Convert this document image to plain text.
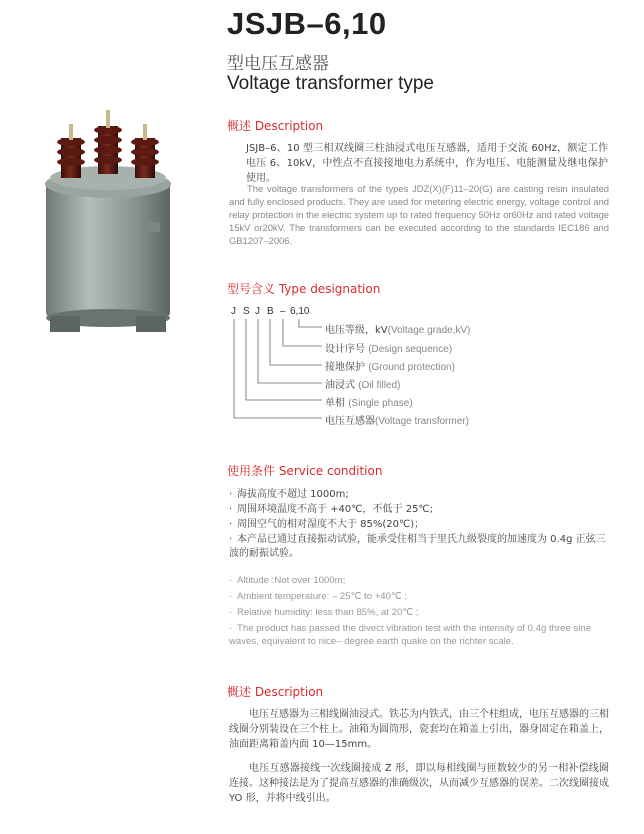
JSJB–6,10
型电压互感器
Voltage transformer type
概述 Description
JSJB–6、10 型三相双线圈三柱油浸式电压互感器，适用于交流 60Hz，额定工作电压 6、10kV，中性点不直接接地电力系统中，作为电压、电能测量及继电保护使用。
The voltage transformers of the types JDZ(X)(F)11–20(G) are casting resin insulated and fully enclosed products. They are used for metering electric energy, voltage control and relay protection in the electric system up to rated frequency 50Hz or60Hz and rated voltage 15kV or20kV. The transformers can be executed according to the standards IEC186 and GB1207–2006.
型号含义 Type designation
J S J B – 6,10
电压等级，kV(Voltage grade,kV)
设计序号 (Design sequence)
接地保护 (Ground protection)
油浸式 (Oil filled)
单相 (Single phase)
电压互感器(Voltage transformer)
使用条件 Service condition
· 海拔高度不超过 1000m;
· 周围环境温度不高于 +40℃，不低于 25℃;
· 周围空气的相对湿度不大于 85%(20℃)；
· 本产品已通过直接振动试验，能承受住相当于里氏九级裂度的加速度为 0.4g 正弦三波的耐振试验。
· Altitude :Not over 1000m;
· Ambient temperature: – 25℃ to +40℃ ;
· Relative humidity: less than 85%, at 20℃ ;
· The product has passed the divect vibration test with the intensity of 0.4g three sine waves, equivalent to nice– degree earth quake on the richter scale.
概述 Description
电压互感器为三相线圈油浸式。铁芯为内铁式，由三个柱组成，电压互感器的三相线圈分别装设在三个柱上。油箱为圆筒形，瓷套均在箱盖上引出，器身固定在箱盖上，油面距离箱盖内面 10—15mm。
电压互感器接线一次线圈接成 Z 形，即以每相线圈与匝数较少的另一相补偿线圈连接。这种接法是为了提高互感器的准确级次，从而减少互感器的误差。二次线圈接成 YO 形，并将中线引出。
